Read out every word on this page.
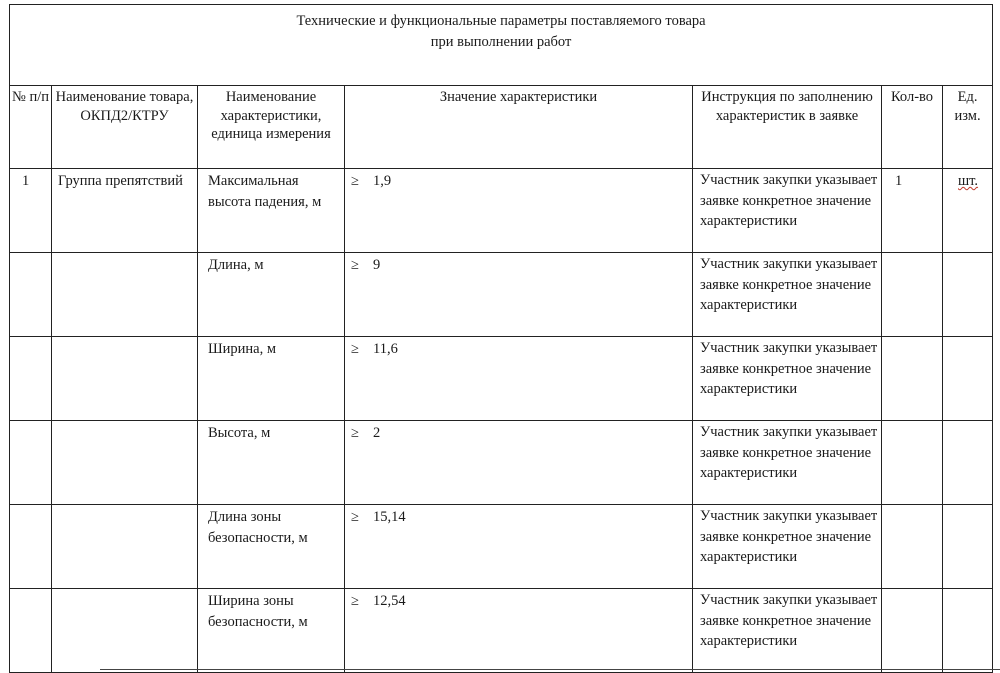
Технические и функциональные параметры поставляемого товара
при выполнении работ						

№ п/п	Наименование товара, ОКПД2/КТРУ	Наименование характеристики, единица измерения	Значение характеристики	Инструкция по заполнению характеристик в заявке	Кол-во	Ед. изм.

1	Группа препятствий	Максимальная высота падения, м	≥ 1,9	Участник закупки указывает заявке конкретное значение характеристики	1	шт.

		Длина, м	≥ 9	Участник закупки указывает заявке конкретное значение характеристики		

		Ширина, м	≥ 11,6	Участник закупки указывает заявке конкретное значение характеристики		

		Высота, м	≥ 2	Участник закупки указывает заявке конкретное значение характеристики		

		Длина зоны безопасности, м	≥ 15,14	Участник закупки указывает заявке конкретное значение характеристики		

		Ширина зоны безопасности, м	≥ 12,54	Участник закупки указывает заявке конкретное значение характеристики		
